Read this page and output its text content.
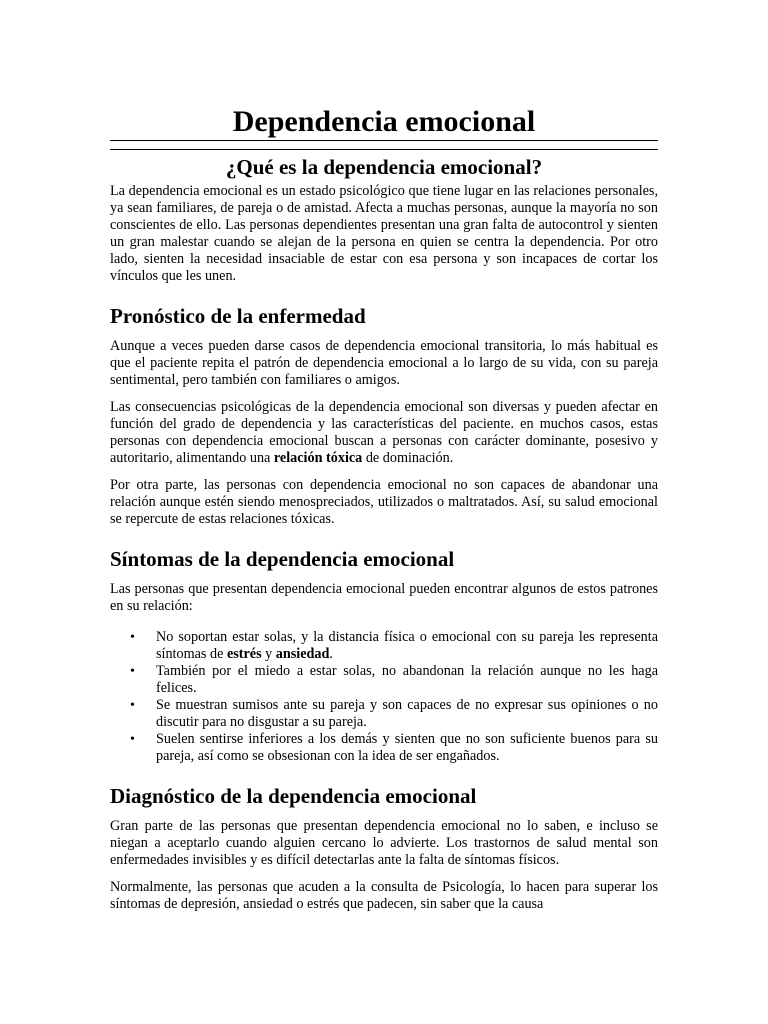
Dependencia emocional
¿Qué es la dependencia emocional?

La dependencia emocional es un estado psicológico que tiene lugar en las relaciones personales, ya sean familiares, de pareja o de amistad. Afecta a muchas personas, aunque la mayoría no son conscientes de ello. Las personas dependientes presentan una gran falta de autocontrol y sienten un gran malestar cuando se alejan de la persona en quien se centra la dependencia. Por otro lado, sienten la necesidad insaciable de estar con esa persona y son incapaces de cortar los vínculos que les unen.

Pronóstico de la enfermedad

Aunque a veces pueden darse casos de dependencia emocional transitoria, lo más habitual es que el paciente repita el patrón de dependencia emocional a lo largo de su vida, con su pareja sentimental, pero también con familiares o amigos.

Las consecuencias psicológicas de la dependencia emocional son diversas y pueden afectar en función del grado de dependencia y las características del paciente. en muchos casos, estas personas con dependencia emocional buscan a personas con carácter dominante, posesivo y autoritario, alimentando una relación tóxica de dominación.

Por otra parte, las personas con dependencia emocional no son capaces de abandonar una relación aunque estén siendo menospreciados, utilizados o maltratados. Así, su salud emocional se repercute de estas relaciones tóxicas.

Síntomas de la dependencia emocional

Las personas que presentan dependencia emocional pueden encontrar algunos de estos patrones en su relación:

• No soportan estar solas, y la distancia física o emocional con su pareja les representa síntomas de estrés y ansiedad.
• También por el miedo a estar solas, no abandonan la relación aunque no les haga felices.
• Se muestran sumisos ante su pareja y son capaces de no expresar sus opiniones o no discutir para no disgustar a su pareja.
• Suelen sentirse inferiores a los demás y sienten que no son suficiente buenos para su pareja, así como se obsesionan con la idea de ser engañados.
Diagnóstico de la dependencia emocional

Gran parte de las personas que presentan dependencia emocional no lo saben, e incluso se niegan a aceptarlo cuando alguien cercano lo advierte. Los trastornos de salud mental son enfermedades invisibles y es difícil detectarlas ante la falta de síntomas físicos.

Normalmente, las personas que acuden a la consulta de Psicología, lo hacen para superar los síntomas de depresión, ansiedad o estrés que padecen, sin saber que la causa
